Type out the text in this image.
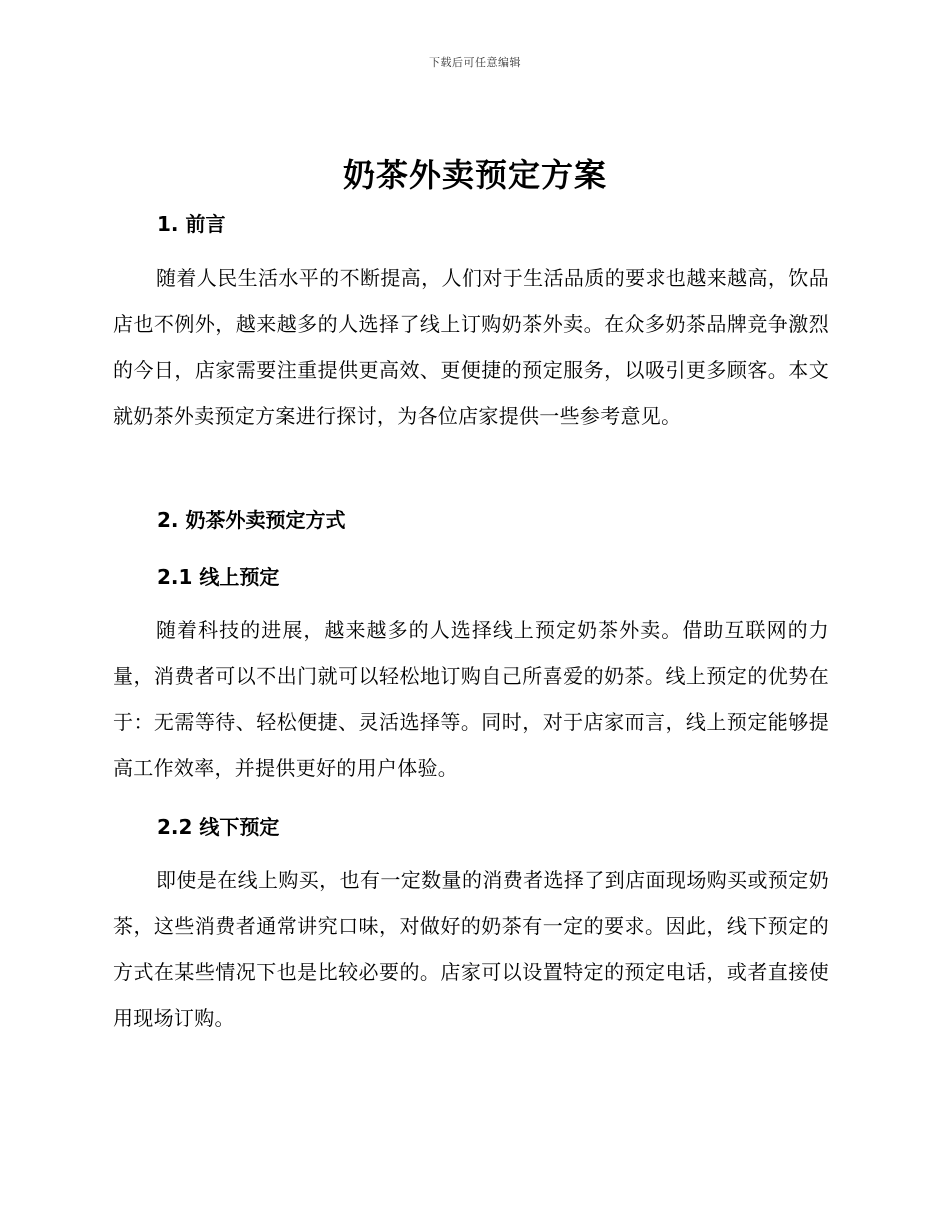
下载后可任意编辑
奶茶外卖预定方案
1. 前言

随着人民生活水平的不断提高，人们对于生活品质的要求也越来越高，饮品店也不例外，越来越多的人选择了线上订购奶茶外卖。在众多奶茶品牌竞争激烈的今日，店家需要注重提供更高效、更便捷的预定服务，以吸引更多顾客。本文就奶茶外卖预定方案进行探讨，为各位店家提供一些参考意见。

2. 奶茶外卖预定方式
2.1 线上预定

随着科技的进展，越来越多的人选择线上预定奶茶外卖。借助互联网的力量，消费者可以不出门就可以轻松地订购自己所喜爱的奶茶。线上预定的优势在于：无需等待、轻松便捷、灵活选择等。同时，对于店家而言，线上预定能够提高工作效率，并提供更好的用户体验。

2.2 线下预定

即使是在线上购买，也有一定数量的消费者选择了到店面现场购买或预定奶茶，这些消费者通常讲究口味，对做好的奶茶有一定的要求。因此，线下预定的方式在某些情况下也是比较必要的。店家可以设置特定的预定电话，或者直接使用现场订购。
